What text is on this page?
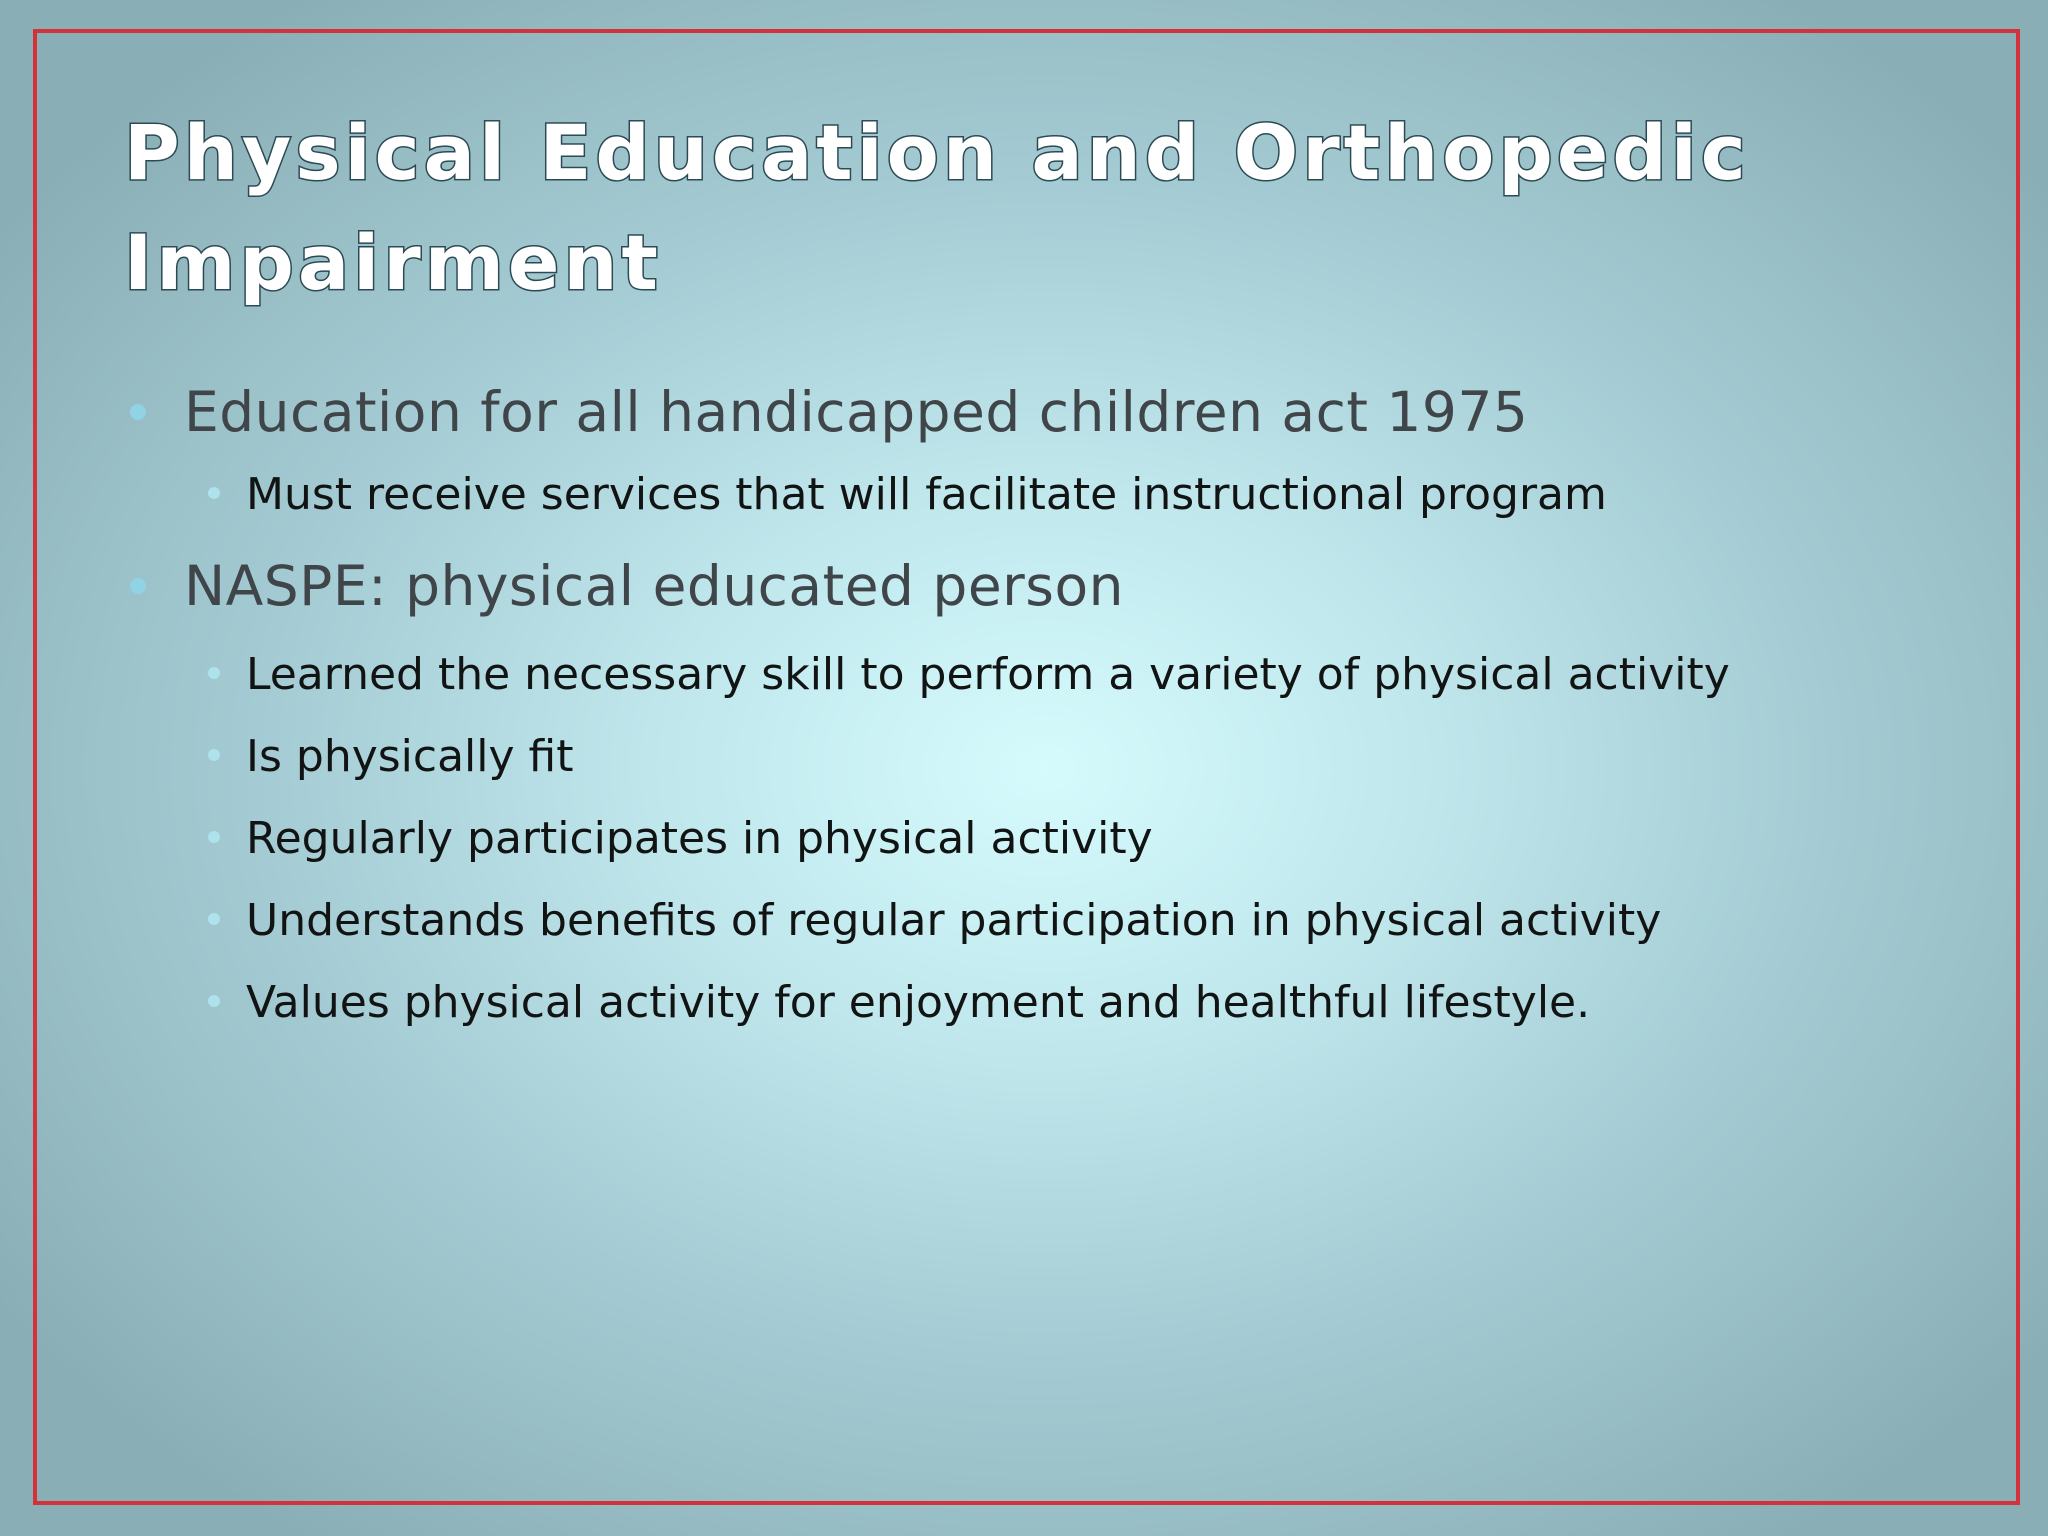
Physical Education and Orthopedic
Impairment
Education for all handicapped children act 1975
Must receive services that will facilitate instructional program
NASPE: physical educated person
Learned the necessary skill to perform a variety of physical activity
Is physically fit
Regularly participates in physical activity
Understands benefits of regular participation in physical activity
Values physical activity for enjoyment and healthful lifestyle.
